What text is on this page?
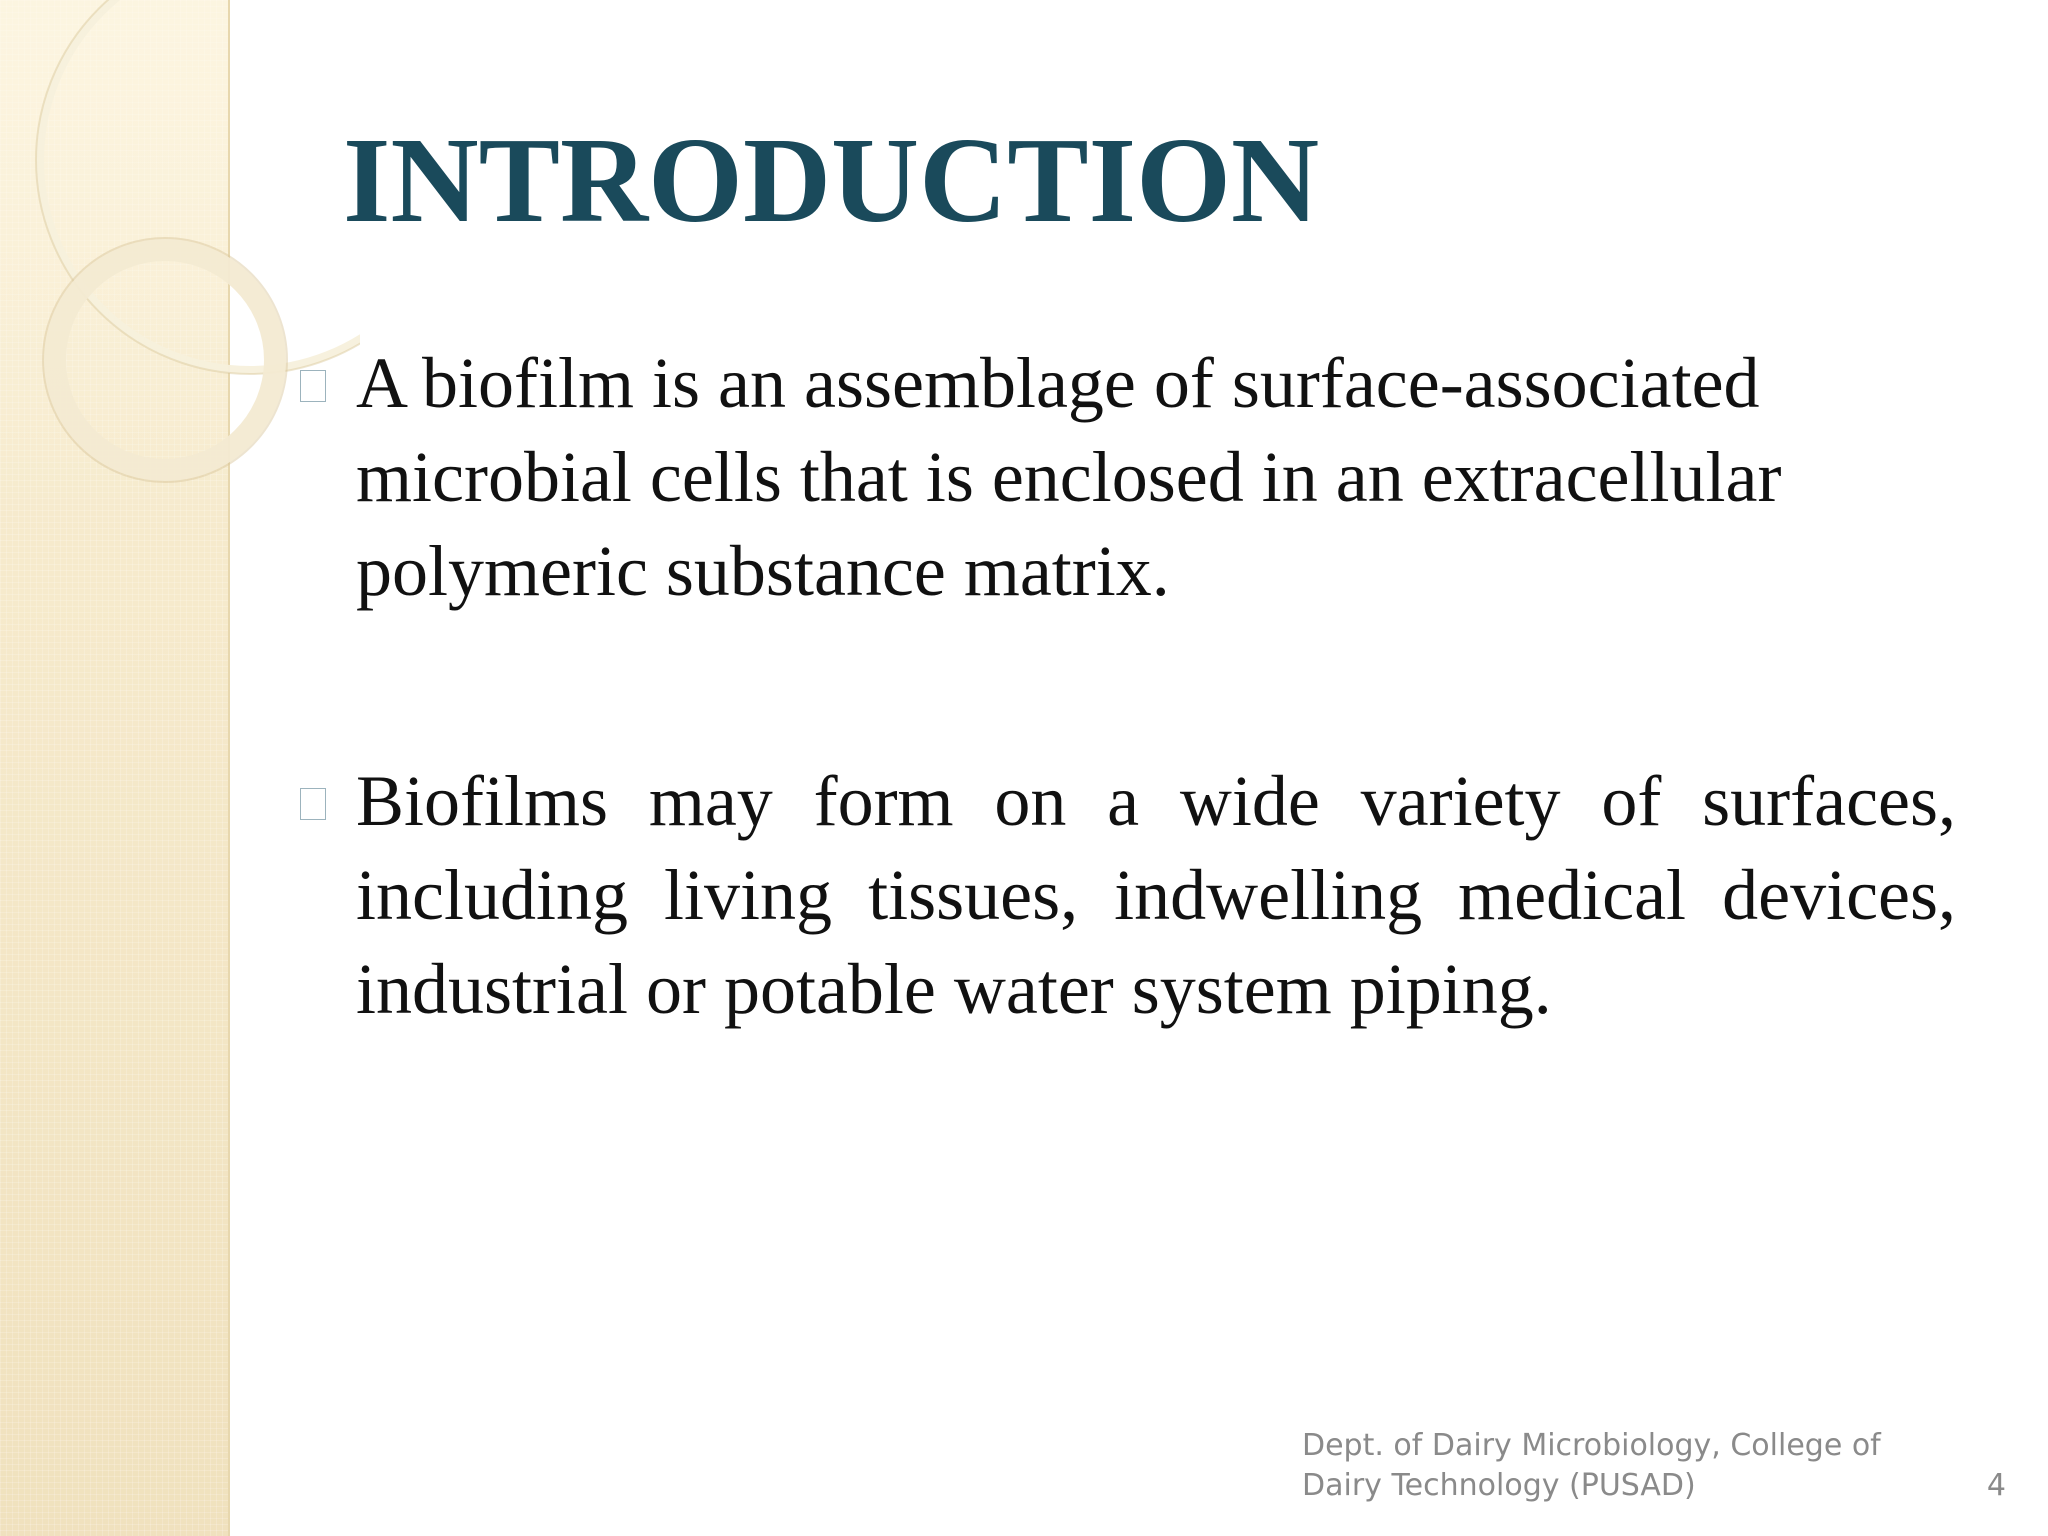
INTRODUCTION
A biofilm is an assemblage of surface-associated microbial cells that is enclosed in an extracellular polymeric substance matrix.
Biofilms may form on a wide variety of surfaces, including living tissues, indwelling medical devices, industrial or potable water system piping.
Dept. of Dairy Microbiology, College of
Dairy Technology (PUSAD)	4
